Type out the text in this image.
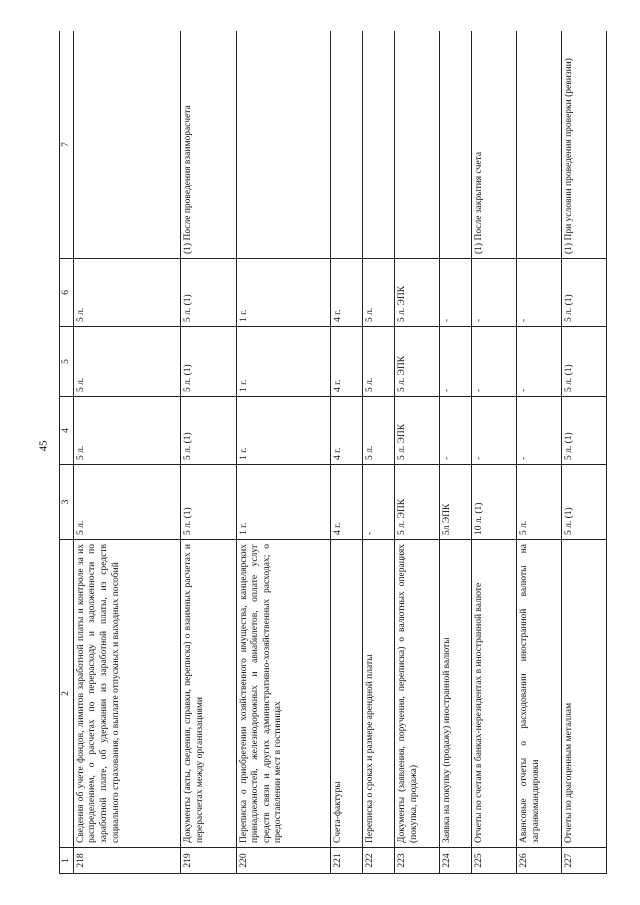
45
1	2	3	4	5	6	7
218	Сведения об учете фондов, лимитов заработной платы и контроле за их распределением, о расчетах по перерасходу и задолженности по заработной плате, об удержании из заработной платы, из средств социального страхования, о выплате отпускных и выходных пособий	5 л.	5 л.	5 л.	5 л.	
219	Документы (акты, сведения, справки, переписка) о взаимных расчетах и перерасчетах между организациями	5 л. (1)	5 л. (1)	5 л. (1)	5 л. (1)	(1) После проведения взаиморасчета
220	Переписка о приобретении хозяйственного имущества, канцелярских принадлежностей, железнодорожных и авиабилетов, оплате услуг средств связи и других административно-хозяйственных расходах; о предоставлении мест в гостиницах	1 г.	1 г.	1 г.	1 г.	
221	Счета-фактуры	4 г.	4 г.	4 г.	4 г.	
222	Переписка о сроках и размере арендной платы	-	5 л.	5 л.	5 л.	
223	Документы (заявления, поручения, переписка) о валютных операциях (покупка, продажа)	5 л. ЭПК	5 л. ЭПК	5 л. ЭПК	5 л. ЭПК	
224	Заявка на покупку (продажу) иностранной валюты	5л ЭПК	-	-	-	
225	Отчеты по счетам в банках-нерезидентах в иностранной валюте	10 л. (1)	-	-	-	(1) После закрытия счета
226	Авансовые отчеты о расходовании иностранной валюты на загранкомандировки	5 л.	-	-	-	
227	Отчеты по драгоценным металлам	5 л. (1)	5 л. (1)	5 л. (1)	5 л. (1)	(1) При условии проведения проверки (ревизии)
